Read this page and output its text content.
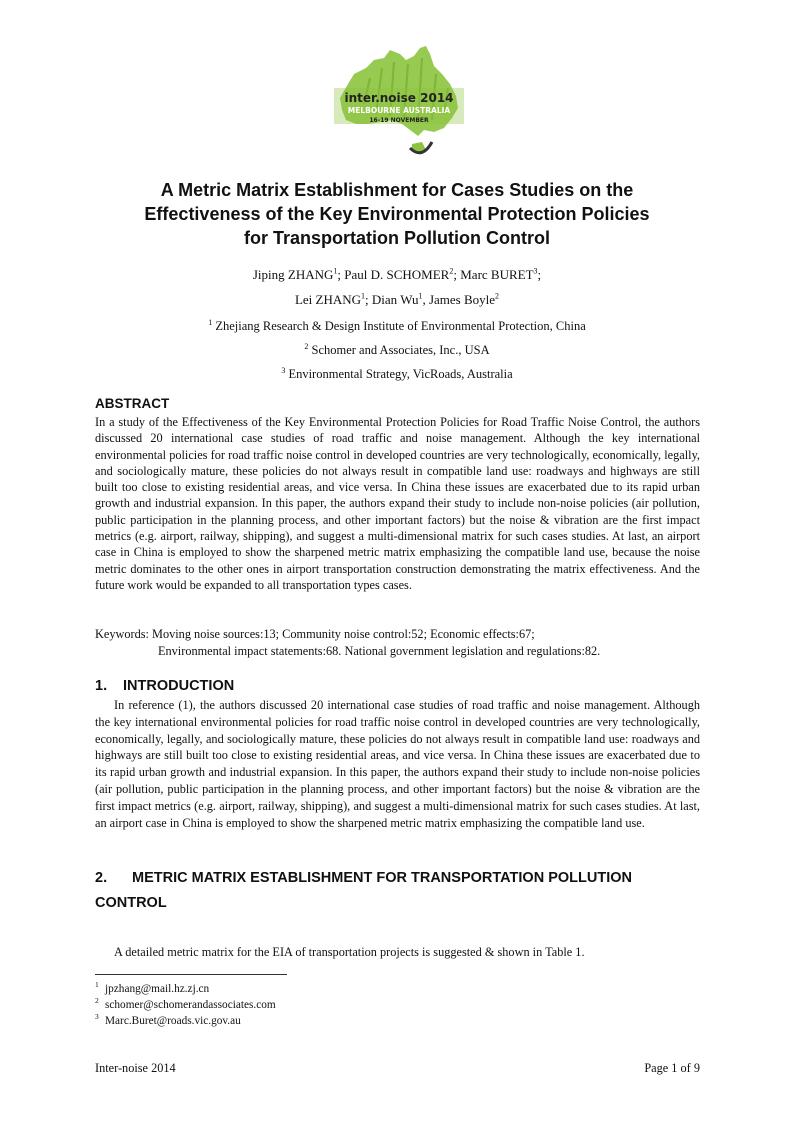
inter.noise 2014
MELBOURNE AUSTRALIA
16-19 NOVEMBER
A Metric Matrix Establishment for Cases Studies on the
Effectiveness of the Key Environmental Protection Policies
for Transportation Pollution Control
Jiping ZHANG$^1$; Paul D. SCHOMER$^2$; Marc BURET$^3$;
Lei ZHANG$^1$; Dian Wu$^1$, James Boyle$^2$
$^1$ Zhejiang Research & Design Institute of Environmental Protection, China
$^2$ Schomer and Associates, Inc., USA
$^3$ Environmental Strategy, VicRoads, Australia
ABSTRACT

In a study of the Effectiveness of the Key Environmental Protection Policies for Road Traffic Noise Control, the authors discussed 20 international case studies of road traffic and noise management. Although the key international environmental policies for road traffic noise control in developed countries are very technologically, economically, legally, and sociologically mature, these policies do not always result in compatible land use: roadways and highways are still built too close to existing residential areas, and vice versa. In China these issues are exacerbated due to its rapid urban growth and industrial expansion. In this paper, the authors expand their study to include non-noise policies (air pollution, public participation in the planning process, and other important factors) but the noise & vibration are the first impact metrics (e.g. airport, railway, shipping), and suggest a multi-dimensional matrix for such cases studies. At last, an airport case in China is employed to show the sharpened metric matrix emphasizing the compatible land use, because the noise metric dominates to the other ones in airport transportation construction demonstrating the matrix effectiveness. And the future work would be expanded to all transportation types cases.

Keywords: Moving noise sources:13; Community noise control:52; Economic effects:67;
Environmental impact statements:68. National government legislation and regulations:82.
1. INTRODUCTION

In reference (1), the authors discussed 20 international case studies of road traffic and noise management. Although the key international environmental policies for road traffic noise control in developed countries are very technologically, economically, legally, and sociologically mature, these policies do not always result in compatible land use: roadways and highways are still built too close to existing residential areas, and vice versa. In China these issues are exacerbated due to its rapid urban growth and industrial expansion. In this paper, the authors expand their study to include non-noise policies (air pollution, public participation in the planning process, and other important factors) but the noise & vibration are the first impact metrics (e.g. airport, railway, shipping), and suggest a multi-dimensional matrix for such cases studies. At last, an airport case in China is employed to show the sharpened metric matrix emphasizing the compatible land use.

2. METRIC MATRIX ESTABLISHMENT FOR TRANSPORTATION POLLUTION CONTROL

A detailed metric matrix for the EIA of transportation projects is suggested & shown in Table 1.

1 jpzhang@mail.hz.zj.cn
2 schomer@schomerandassociates.com
3 Marc.Buret@roads.vic.gov.au
Inter-noise 2014	Page 1 of 9
